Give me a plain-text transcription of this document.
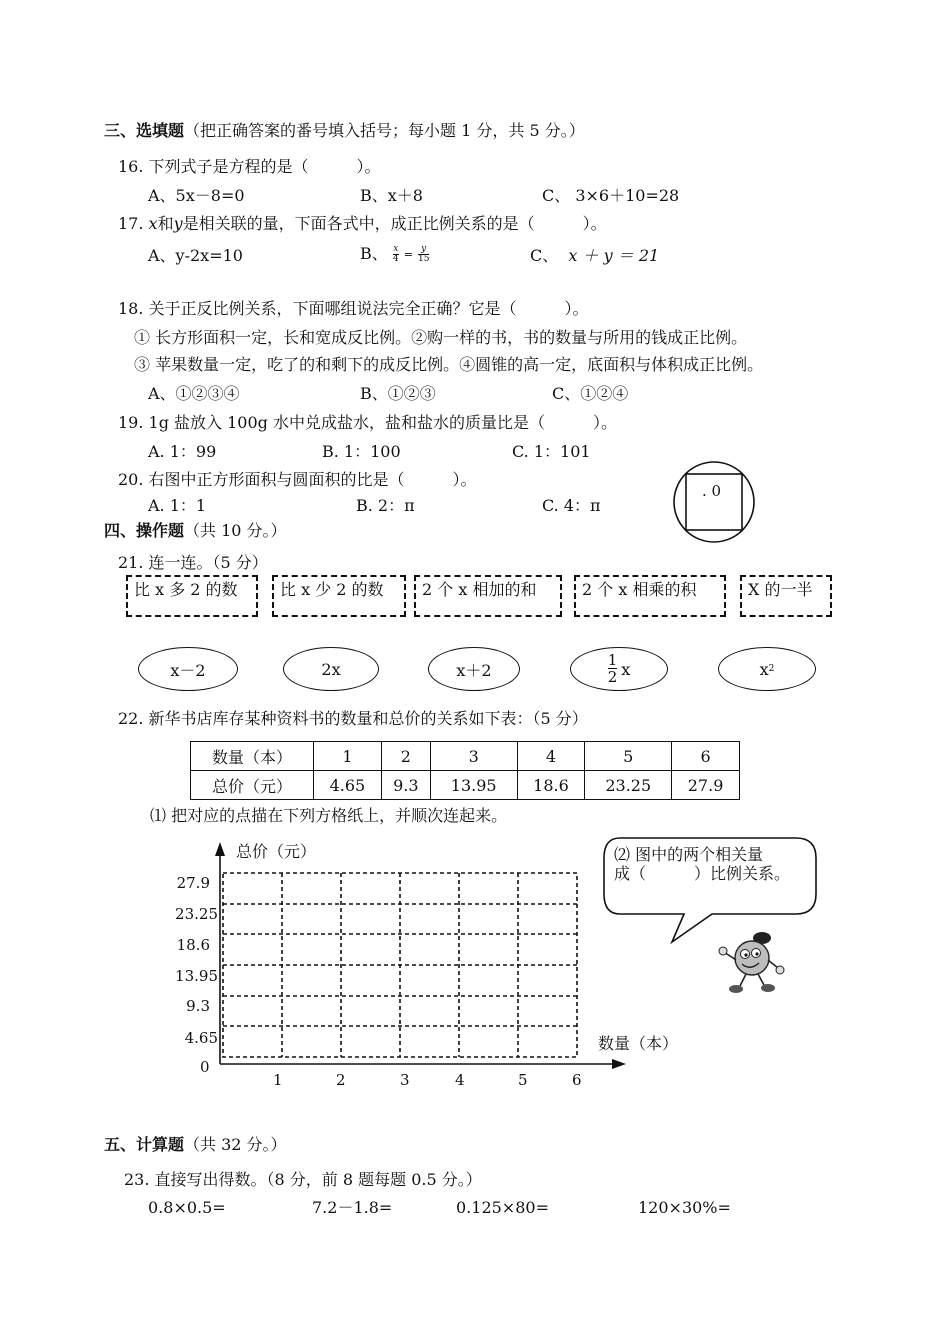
三、选填题（把正确答案的番号填入括号；每小题 1 分，共 5 分。）
16. 下列式子是方程的是（　　　）。
A、5x－8=0	B、x＋8	C、 3×6＋10=28
17. x和y是相关联的量，下面各式中，成正比例关系的是（　　　）。
A、y-2x=10	B、 $\frac{x}{4} = \frac{y}{15}$	C、 x ＋ y ＝ 21
18. 关于正反比例关系，下面哪组说法完全正确？它是（　　　）。
① 长方形面积一定，长和宽成反比例。②购一样的书，书的数量与所用的钱成正比例。
③ 苹果数量一定，吃了的和剩下的成反比例。④圆锥的高一定，底面积与体积成正比例。
A、①②③④	B、①②③	C、①②④
19. 1g 盐放入 100g 水中兑成盐水，盐和盐水的质量比是（　　　）。
A. 1：99	B. 1：100	C. 1：101
20. 右图中正方形面积与圆面积的比是（　　　）。
A. 1：1	B. 2：π	C. 4：π
. 0
四、操作题（共 10 分。）
21. 连一连。（5 分）
比 x 多 2 的数	比 x 少 2 的数	2 个 x 相加的和	2 个 x 相乘的积	X 的一半
x－2	2x	x＋2
1
2 x	x 2
22. 新华书店库存某种资料书的数量和总价的关系如下表：（5 分）
数量（本）	1	2	3	4	5	6
总价（元）	4.65	9.3	13.95	18.6	23.25	27.9
⑴ 把对应的点描在下列方格纸上，并顺次连起来。
总价（元）
数量（本）
0
27.9
23.25
18.6
13.95
9.3
4.65
1	2	3	4	5	6
⑵ 图中的两个相关量
成（　　　）比例关系。
五、计算题（共 32 分。）
23. 直接写出得数。（8 分，前 8 题每题 0.5 分。）
0.8×0.5=	7.2－1.8=	0.125×80=	120×30%=
